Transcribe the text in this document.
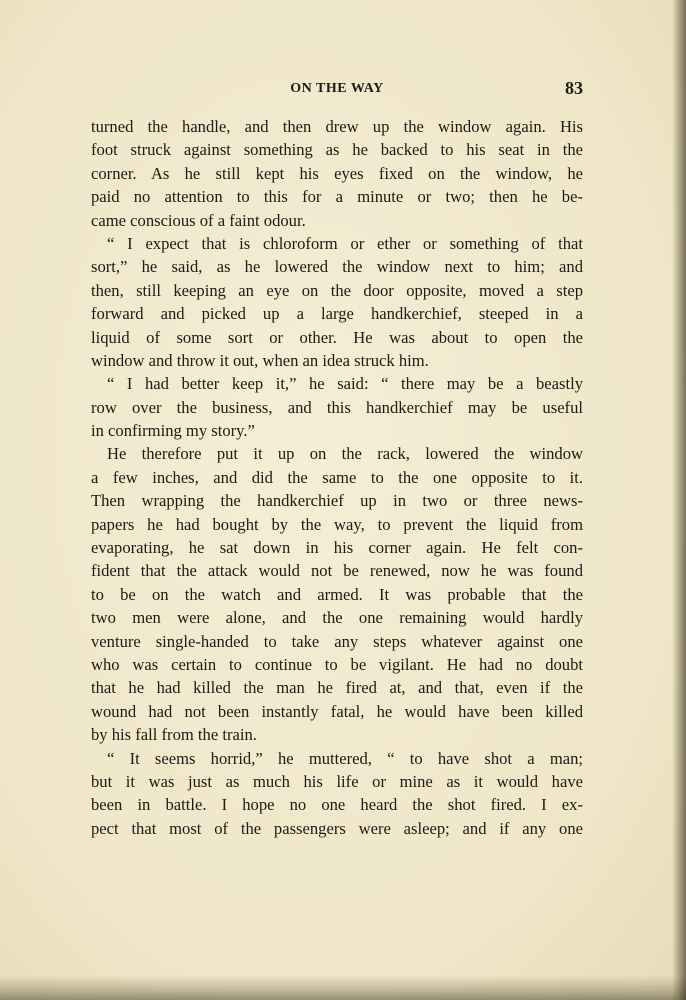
ON THE WAY	83
turned the handle, and then drew up the window again. His
foot struck against something as he backed to his seat in the
corner. As he still kept his eyes fixed on the window, he
paid no attention to this for a minute or two; then he be-
came conscious of a faint odour.
“ I expect that is chloroform or ether or something of that
sort,” he said, as he lowered the window next to him; and
then, still keeping an eye on the door opposite, moved a step
forward and picked up a large handkerchief, steeped in a
liquid of some sort or other. He was about to open the
window and throw it out, when an idea struck him.
“ I had better keep it,” he said: “ there may be a beastly
row over the business, and this handkerchief may be useful
in confirming my story.”
He therefore put it up on the rack, lowered the window
a few inches, and did the same to the one opposite to it.
Then wrapping the handkerchief up in two or three news-
papers he had bought by the way, to prevent the liquid from
evaporating, he sat down in his corner again. He felt con-
fident that the attack would not be renewed, now he was found
to be on the watch and armed. It was probable that the
two men were alone, and the one remaining would hardly
venture single-handed to take any steps whatever against one
who was certain to continue to be vigilant. He had no doubt
that he had killed the man he fired at, and that, even if the
wound had not been instantly fatal, he would have been killed
by his fall from the train.
“ It seems horrid,” he muttered, “ to have shot a man;
but it was just as much his life or mine as it would have
been in battle. I hope no one heard the shot fired. I ex-
pect that most of the passengers were asleep; and if any one
